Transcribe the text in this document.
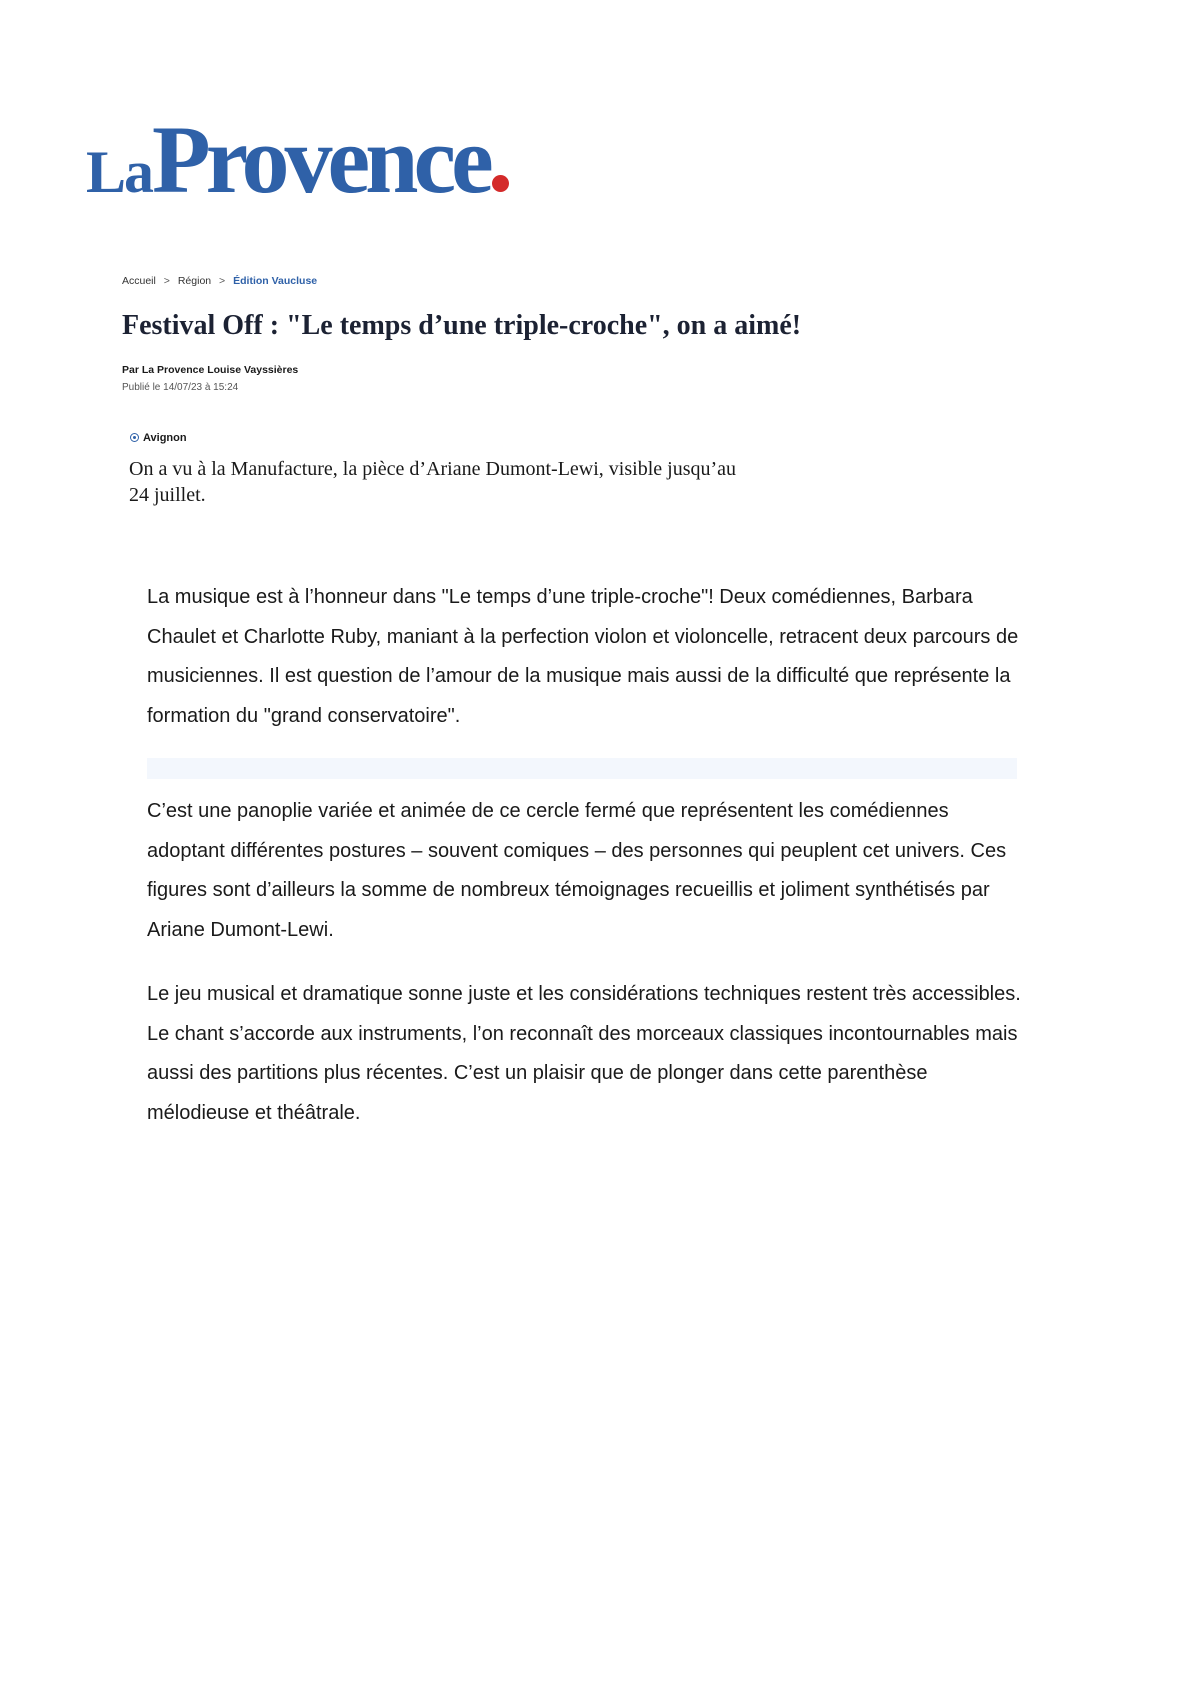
LaProvence
Accueil > Région > Édition Vaucluse
Festival Off : "Le temps d’une triple-croche", on a aimé!
Par La Provence Louise Vayssières
Publié le 14/07/23 à 15:24
Avignon

On a vu à la Manufacture, la pièce d’Ariane Dumont-Lewi, visible jusqu’au 24 juillet.

La musique est à l’honneur dans "Le temps d’une triple-croche"! Deux comédiennes, Barbara Chaulet et Charlotte Ruby, maniant à la perfection violon et violoncelle, retracent deux parcours de musiciennes. Il est question de l’amour de la musique mais aussi de la difficulté que représente la formation du "grand conservatoire".

C’est une panoplie variée et animée de ce cercle fermé que représentent les comédiennes adoptant différentes postures – souvent comiques – des personnes qui peuplent cet univers. Ces figures sont d’ailleurs la somme de nombreux témoignages recueillis et joliment synthétisés par Ariane Dumont-Lewi.

Le jeu musical et dramatique sonne juste et les considérations techniques restent très accessibles. Le chant s’accorde aux instruments, l’on reconnaît des morceaux classiques incontournables mais aussi des partitions plus récentes. C’est un plaisir que de plonger dans cette parenthèse mélodieuse et théâtrale.
